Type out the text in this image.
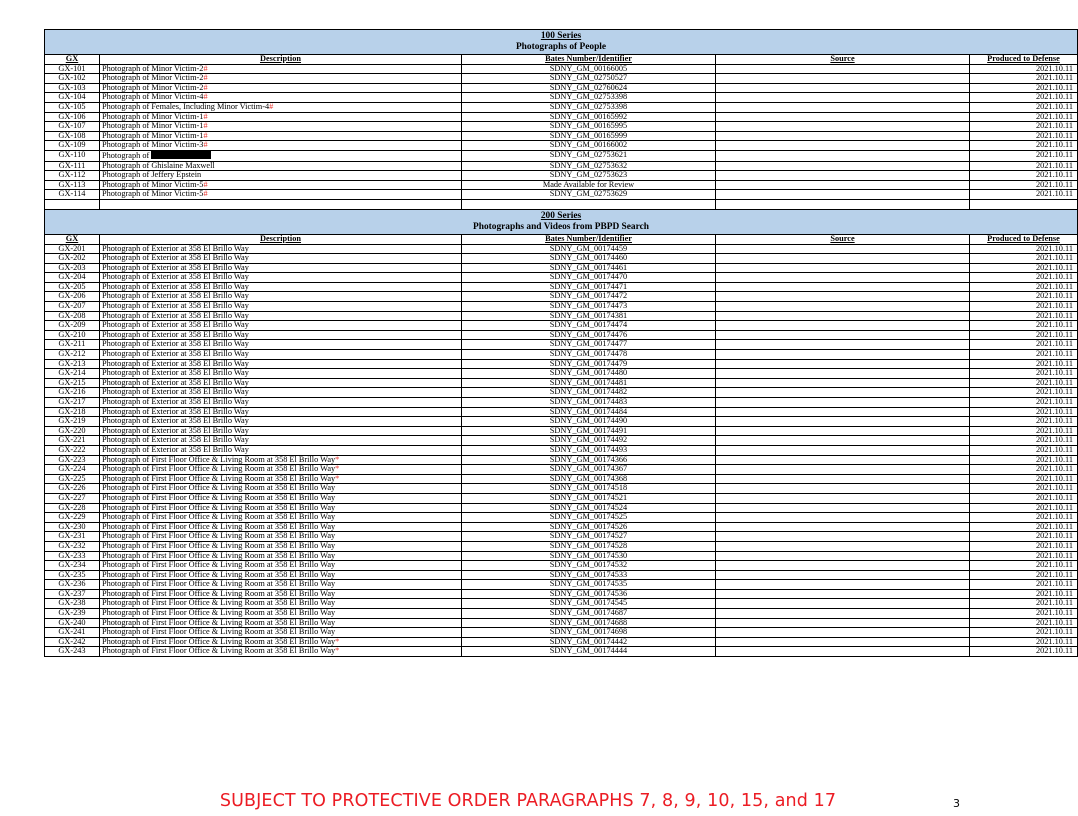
100 Series
Photographs of People				

GX	Description	Bates Number/Identifier	Source	Produced to Defense
GX-101	Photograph of Minor Victim-2#	SDNY_GM_00166005		2021.10.11
GX-102	Photograph of Minor Victim-2#	SDNY_GM_02750527		2021.10.11
GX-103	Photograph of Minor Victim-2#	SDNY_GM_02760624		2021.10.11
GX-104	Photograph of Minor Victim-4#	SDNY_GM_02753398		2021.10.11
GX-105	Photograph of Females, Including Minor Victim-4#	SDNY_GM_02753398		2021.10.11
GX-106	Photograph of Minor Victim-1#	SDNY_GM_00165992		2021.10.11
GX-107	Photograph of Minor Victim-1#	SDNY_GM_00165995		2021.10.11
GX-108	Photograph of Minor Victim-1#	SDNY_GM_00165999		2021.10.11
GX-109	Photograph of Minor Victim-3#	SDNY_GM_00166002		2021.10.11
GX-110	Photograph of	SDNY_GM_02753621		2021.10.11
GX-111	Photograph of Ghislaine Maxwell	SDNY_GM_02753632		2021.10.11
GX-112	Photograph of Jeffery Epstein	SDNY_GM_02753623		2021.10.11
GX-113	Photograph of Minor Victim-5#	Made Available for Review		2021.10.11
GX-114	Photograph of Minor Victim-5#	SDNY_GM_02753629		2021.10.11

200 Series
Photographs and Videos from PBPD Search				

GX	Description	Bates Number/Identifier	Source	Produced to Defense
GX-201	Photograph of Exterior at 358 El Brillo Way	SDNY_GM_00174459		2021.10.11
GX-202	Photograph of Exterior at 358 El Brillo Way	SDNY_GM_00174460		2021.10.11
GX-203	Photograph of Exterior at 358 El Brillo Way	SDNY_GM_00174461		2021.10.11
GX-204	Photograph of Exterior at 358 El Brillo Way	SDNY_GM_00174470		2021.10.11
GX-205	Photograph of Exterior at 358 El Brillo Way	SDNY_GM_00174471		2021.10.11
GX-206	Photograph of Exterior at 358 El Brillo Way	SDNY_GM_00174472		2021.10.11
GX-207	Photograph of Exterior at 358 El Brillo Way	SDNY_GM_00174473		2021.10.11
GX-208	Photograph of Exterior at 358 El Brillo Way	SDNY_GM_00174381		2021.10.11
GX-209	Photograph of Exterior at 358 El Brillo Way	SDNY_GM_00174474		2021.10.11
GX-210	Photograph of Exterior at 358 El Brillo Way	SDNY_GM_00174476		2021.10.11
GX-211	Photograph of Exterior at 358 El Brillo Way	SDNY_GM_00174477		2021.10.11
GX-212	Photograph of Exterior at 358 El Brillo Way	SDNY_GM_00174478		2021.10.11
GX-213	Photograph of Exterior at 358 El Brillo Way	SDNY_GM_00174479		2021.10.11
GX-214	Photograph of Exterior at 358 El Brillo Way	SDNY_GM_00174480		2021.10.11
GX-215	Photograph of Exterior at 358 El Brillo Way	SDNY_GM_00174481		2021.10.11
GX-216	Photograph of Exterior at 358 El Brillo Way	SDNY_GM_00174482		2021.10.11
GX-217	Photograph of Exterior at 358 El Brillo Way	SDNY_GM_00174483		2021.10.11
GX-218	Photograph of Exterior at 358 El Brillo Way	SDNY_GM_00174484		2021.10.11
GX-219	Photograph of Exterior at 358 El Brillo Way	SDNY_GM_00174490		2021.10.11
GX-220	Photograph of Exterior at 358 El Brillo Way	SDNY_GM_00174491		2021.10.11
GX-221	Photograph of Exterior at 358 El Brillo Way	SDNY_GM_00174492		2021.10.11
GX-222	Photograph of Exterior at 358 El Brillo Way	SDNY_GM_00174493		2021.10.11
GX-223	Photograph of First Floor Office & Living Room at 358 El Brillo Way*	SDNY_GM_00174366		2021.10.11
GX-224	Photograph of First Floor Office & Living Room at 358 El Brillo Way*	SDNY_GM_00174367		2021.10.11
GX-225	Photograph of First Floor Office & Living Room at 358 El Brillo Way*	SDNY_GM_00174368		2021.10.11
GX-226	Photograph of First Floor Office & Living Room at 358 El Brillo Way	SDNY_GM_00174518		2021.10.11
GX-227	Photograph of First Floor Office & Living Room at 358 El Brillo Way	SDNY_GM_00174521		2021.10.11
GX-228	Photograph of First Floor Office & Living Room at 358 El Brillo Way	SDNY_GM_00174524		2021.10.11
GX-229	Photograph of First Floor Office & Living Room at 358 El Brillo Way	SDNY_GM_00174525		2021.10.11
GX-230	Photograph of First Floor Office & Living Room at 358 El Brillo Way	SDNY_GM_00174526		2021.10.11
GX-231	Photograph of First Floor Office & Living Room at 358 El Brillo Way	SDNY_GM_00174527		2021.10.11
GX-232	Photograph of First Floor Office & Living Room at 358 El Brillo Way	SDNY_GM_00174528		2021.10.11
GX-233	Photograph of First Floor Office & Living Room at 358 El Brillo Way	SDNY_GM_00174530		2021.10.11
GX-234	Photograph of First Floor Office & Living Room at 358 El Brillo Way	SDNY_GM_00174532		2021.10.11
GX-235	Photograph of First Floor Office & Living Room at 358 El Brillo Way	SDNY_GM_00174533		2021.10.11
GX-236	Photograph of First Floor Office & Living Room at 358 El Brillo Way	SDNY_GM_00174535		2021.10.11
GX-237	Photograph of First Floor Office & Living Room at 358 El Brillo Way	SDNY_GM_00174536		2021.10.11
GX-238	Photograph of First Floor Office & Living Room at 358 El Brillo Way	SDNY_GM_00174545		2021.10.11
GX-239	Photograph of First Floor Office & Living Room at 358 El Brillo Way	SDNY_GM_00174687		2021.10.11
GX-240	Photograph of First Floor Office & Living Room at 358 El Brillo Way	SDNY_GM_00174688		2021.10.11
GX-241	Photograph of First Floor Office & Living Room at 358 El Brillo Way	SDNY_GM_00174698		2021.10.11
GX-242	Photograph of First Floor Office & Living Room at 358 El Brillo Way*	SDNY_GM_00174442		2021.10.11
GX-243	Photograph of First Floor Office & Living Room at 358 El Brillo Way*	SDNY_GM_00174444		2021.10.11
SUBJECT TO PROTECTIVE ORDER PARAGRAPHS 7, 8, 9, 10, 15, and 17	3
